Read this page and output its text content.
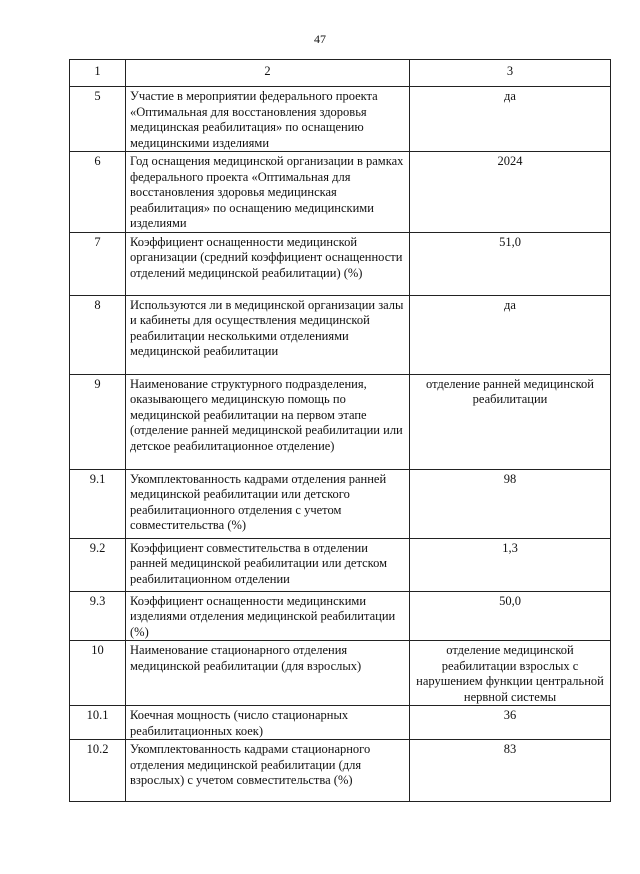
47
1	2	3
5	Участие в мероприятии федерального проекта «Оптимальная для восстановления здоровья медицинская реабилитация» по оснащению медицинскими изделиями	да
6	Год оснащения медицинской организации в рамках федерального проекта «Оптимальная для восстановления здоровья медицинская реабилитация» по оснащению медицинскими изделиями	2024
7	Коэффициент оснащенности медицинской организации (средний коэффициент оснащенности отделений медицинской реабилитации) (%)	51,0
8	Используются ли в медицинской организации залы и кабинеты для осуществления медицинской реабилитации несколькими отделениями медицинской реабилитации	да
9	Наименование структурного подразделения, оказывающего медицинскую помощь по медицинской реабилитации на первом этапе (отделение ранней медицинской реабилитации или детское реабилитационное отделение)	отделение ранней медицинской реабилитации
9.1	Укомплектованность кадрами отделения ранней медицинской реабилитации или детского реабилитационного отделения с учетом совместительства (%)	98
9.2	Коэффициент совместительства в отделении ранней медицинской реабилитации или детском реабилитационном отделении	1,3
9.3	Коэффициент оснащенности медицинскими изделиями отделения медицинской реабилитации (%)	50,0
10	Наименование стационарного отделения медицинской реабилитации (для взрослых)	отделение медицинской реабилитации взрослых с нарушением функции центральной нервной системы
10.1	Коечная мощность (число стационарных реабилитационных коек)	36
10.2	Укомплектованность кадрами стационарного отделения медицинской реабилитации (для взрослых) с учетом совместительства (%)	83
